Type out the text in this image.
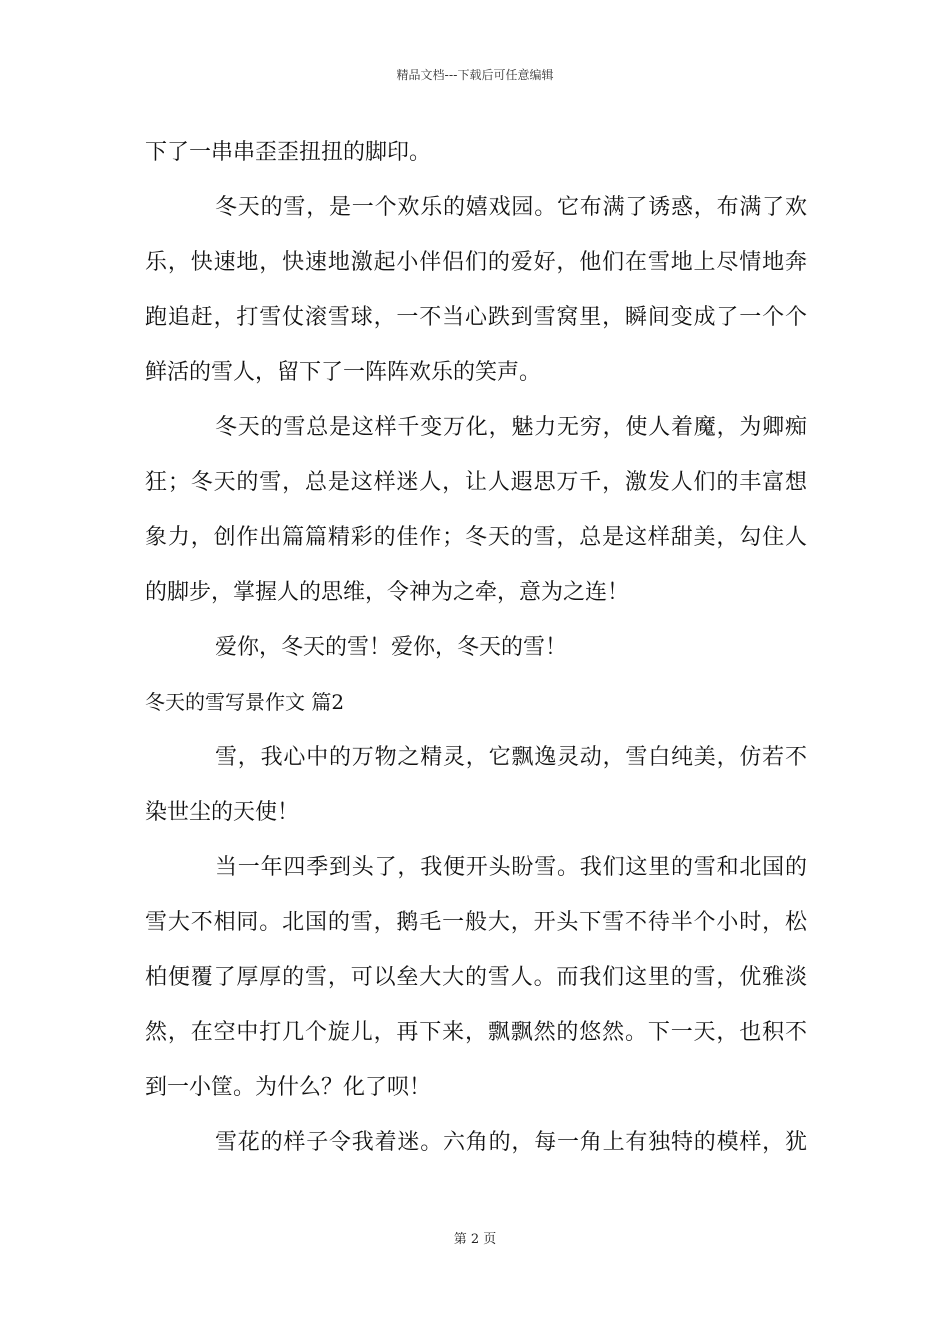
精品文档---下载后可任意编辑
下了一串串歪歪扭扭的脚印。
冬天的雪，是一个欢乐的嬉戏园。它布满了诱惑，布满了欢
乐，快速地，快速地激起小伴侣们的爱好，他们在雪地上尽情地奔
跑追赶，打雪仗滚雪球，一不当心跌到雪窝里，瞬间变成了一个个
鲜活的雪人，留下了一阵阵欢乐的笑声。
冬天的雪总是这样千变万化，魅力无穷，使人着魔，为卿痴
狂；冬天的雪，总是这样迷人，让人遐思万千，激发人们的丰富想
象力，创作出篇篇精彩的佳作；冬天的雪，总是这样甜美，勾住人
的脚步，掌握人的思维，令神为之牵，意为之连！
爱你，冬天的雪！爱你，冬天的雪！
冬天的雪写景作文 篇2
雪，我心中的万物之精灵，它飘逸灵动，雪白纯美，仿若不
染世尘的天使！
当一年四季到头了，我便开头盼雪。我们这里的雪和北国的
雪大不相同。北国的雪，鹅毛一般大，开头下雪不待半个小时，松
柏便覆了厚厚的雪，可以垒大大的雪人。而我们这里的雪，优雅淡
然，在空中打几个旋儿，再下来，飘飘然的悠然。下一天，也积不
到一小筐。为什么？化了呗！
雪花的样子令我着迷。六角的，每一角上有独特的模样，犹
第 2 页
